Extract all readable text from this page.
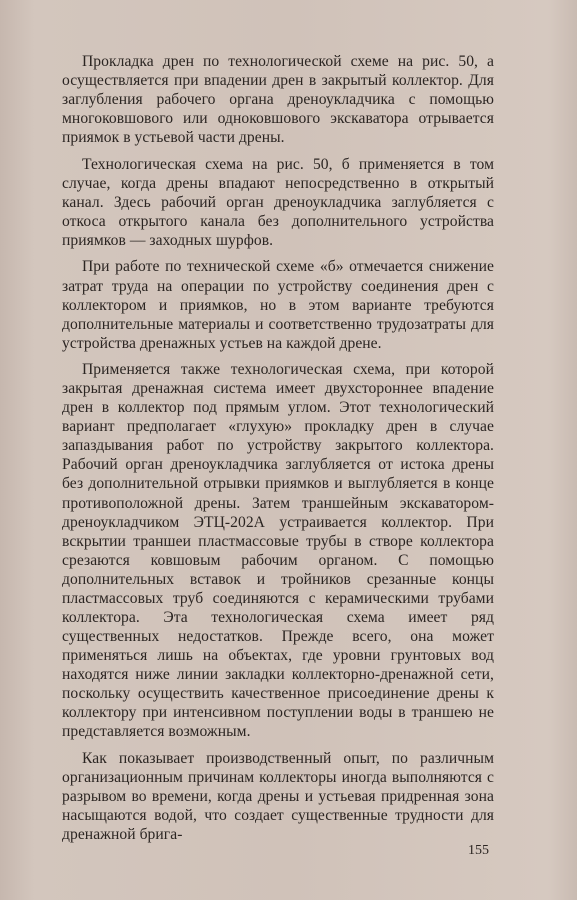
Прокладка дрен по технологической схеме на рис. 50, а осуществляется при впадении дрен в закрытый коллектор. Для заглубления рабочего органа дреноукладчика с помощью многоковшового или одноковшового экскаватора отрывается приямок в устьевой части дрены.

Технологическая схема на рис. 50, б применяется в том случае, когда дрены впадают непосредственно в открытый канал. Здесь рабочий орган дреноукладчика заглубляется с откоса открытого канала без дополнительного устройства приямков — заходных шурфов.

При работе по технической схеме «б» отмечается снижение затрат труда на операции по устройству соединения дрен с коллектором и приямков, но в этом варианте требуются дополнительные материалы и соответственно трудозатраты для устройства дренажных устьев на каждой дрене.

Применяется также технологическая схема, при которой закрытая дренажная система имеет двухстороннее впадение дрен в коллектор под прямым углом. Этот технологический вариант предполагает «глухую» прокладку дрен в случае запаздывания работ по устройству закрытого коллектора. Рабочий орган дреноукладчика заглубляется от истока дрены без дополнительной отрывки приямков и выглубляется в конце противоположной дрены. Затем траншейным экскаватором-дреноукладчиком ЭТЦ-202А устраивается коллектор. При вскрытии траншеи пластмассовые трубы в створе коллектора срезаются ковшовым рабочим органом. С помощью дополнительных вставок и тройников срезанные концы пластмассовых труб соединяются с керамическими трубами коллектора. Эта технологическая схема имеет ряд существенных недостатков. Прежде всего, она может применяться лишь на объектах, где уровни грунтовых вод находятся ниже линии закладки коллекторно-дренажной сети, поскольку осуществить качественное присоединение дрены к коллектору при интенсивном поступлении воды в траншею не представляется возможным.

Как показывает производственный опыт, по различным организационным причинам коллекторы иногда выполняются с разрывом во времени, когда дрены и устьевая придренная зона насыщаются водой, что создает существенные трудности для дренажной брига-

155
